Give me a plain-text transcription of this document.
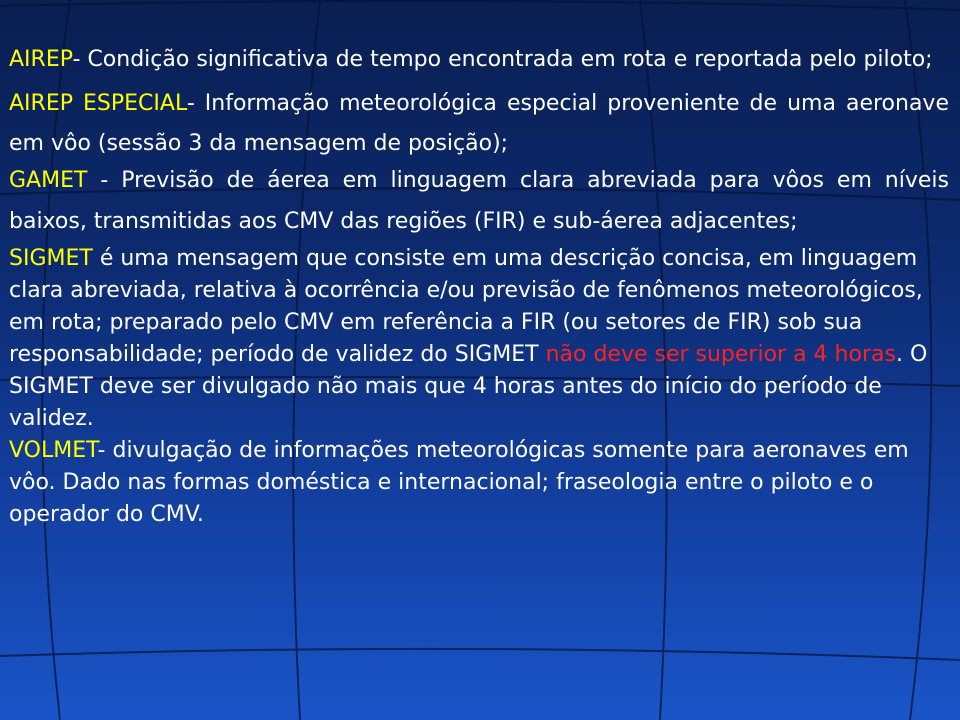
AIREP- Condição significativa de tempo encontrada em rota e reportada pelo piloto;

AIREP ESPECIAL- Informação meteorológica especial proveniente de uma aeronave em vôo (sessão 3 da mensagem de posição);

GAMET - Previsão de áerea em linguagem clara abreviada para vôos em níveis baixos, transmitidas aos CMV das regiões (FIR) e sub-áerea adjacentes;

SIGMET é uma mensagem que consiste em uma descrição concisa, em linguagem clara abreviada, relativa à ocorrência e/ou previsão de fenômenos meteorológicos, em rota; preparado pelo CMV em referência a FIR (ou setores de FIR) sob sua responsabilidade; período de validez do SIGMET não deve ser superior a 4 horas. O SIGMET deve ser divulgado não mais que 4 horas antes do início do período de validez.

VOLMET- divulgação de informações meteorológicas somente para aeronaves em vôo. Dado nas formas doméstica e internacional; fraseologia entre o piloto e o operador do CMV.
